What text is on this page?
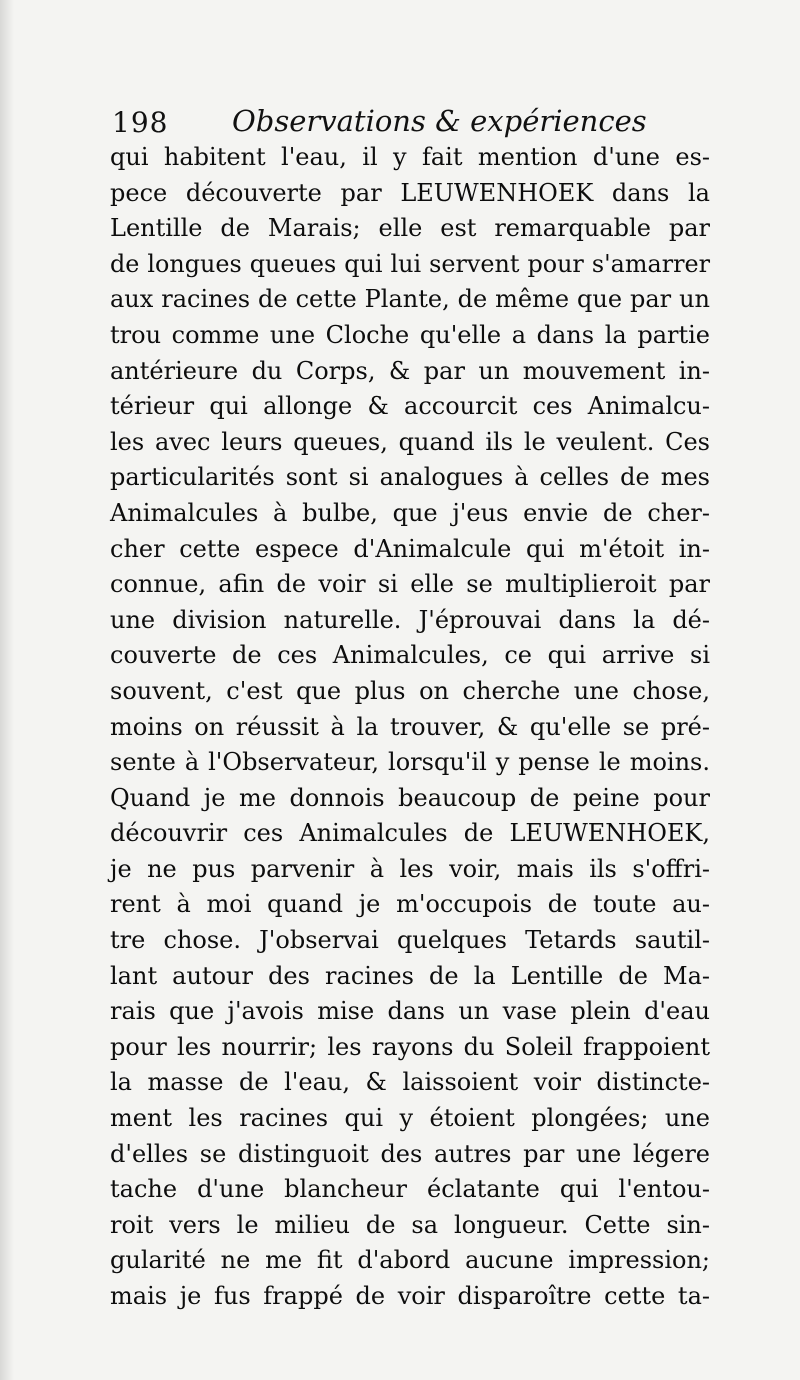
198 Observations & expériences
qui habitent l'eau, il y fait mention d'une es-
pece découverte par LEUWENHOEK dans la
Lentille de Marais; elle est remarquable par
de longues queues qui lui servent pour s'amarrer
aux racines de cette Plante, de même que par un
trou comme une Cloche qu'elle a dans la partie
antérieure du Corps, & par un mouvement in-
térieur qui allonge & accourcit ces Animalcu-
les avec leurs queues, quand ils le veulent. Ces
particularités sont si analogues à celles de mes
Animalcules à bulbe, que j'eus envie de cher-
cher cette espece d'Animalcule qui m'étoit in-
connue, afin de voir si elle se multiplieroit par
une division naturelle. J'éprouvai dans la dé-
couverte de ces Animalcules, ce qui arrive si
souvent, c'est que plus on cherche une chose,
moins on réussit à la trouver, & qu'elle se pré-
sente à l'Observateur, lorsqu'il y pense le moins.
Quand je me donnois beaucoup de peine pour
découvrir ces Animalcules de LEUWENHOEK,
je ne pus parvenir à les voir, mais ils s'offri-
rent à moi quand je m'occupois de toute au-
tre chose. J'observai quelques Tetards sautil-
lant autour des racines de la Lentille de Ma-
rais que j'avois mise dans un vase plein d'eau
pour les nourrir; les rayons du Soleil frappoient
la masse de l'eau, & laissoient voir distincte-
ment les racines qui y étoient plongées; une
d'elles se distinguoit des autres par une légere
tache d'une blancheur éclatante qui l'entou-
roit vers le milieu de sa longueur. Cette sin-
gularité ne me fit d'abord aucune impression;
mais je fus frappé de voir disparoître cette ta-
